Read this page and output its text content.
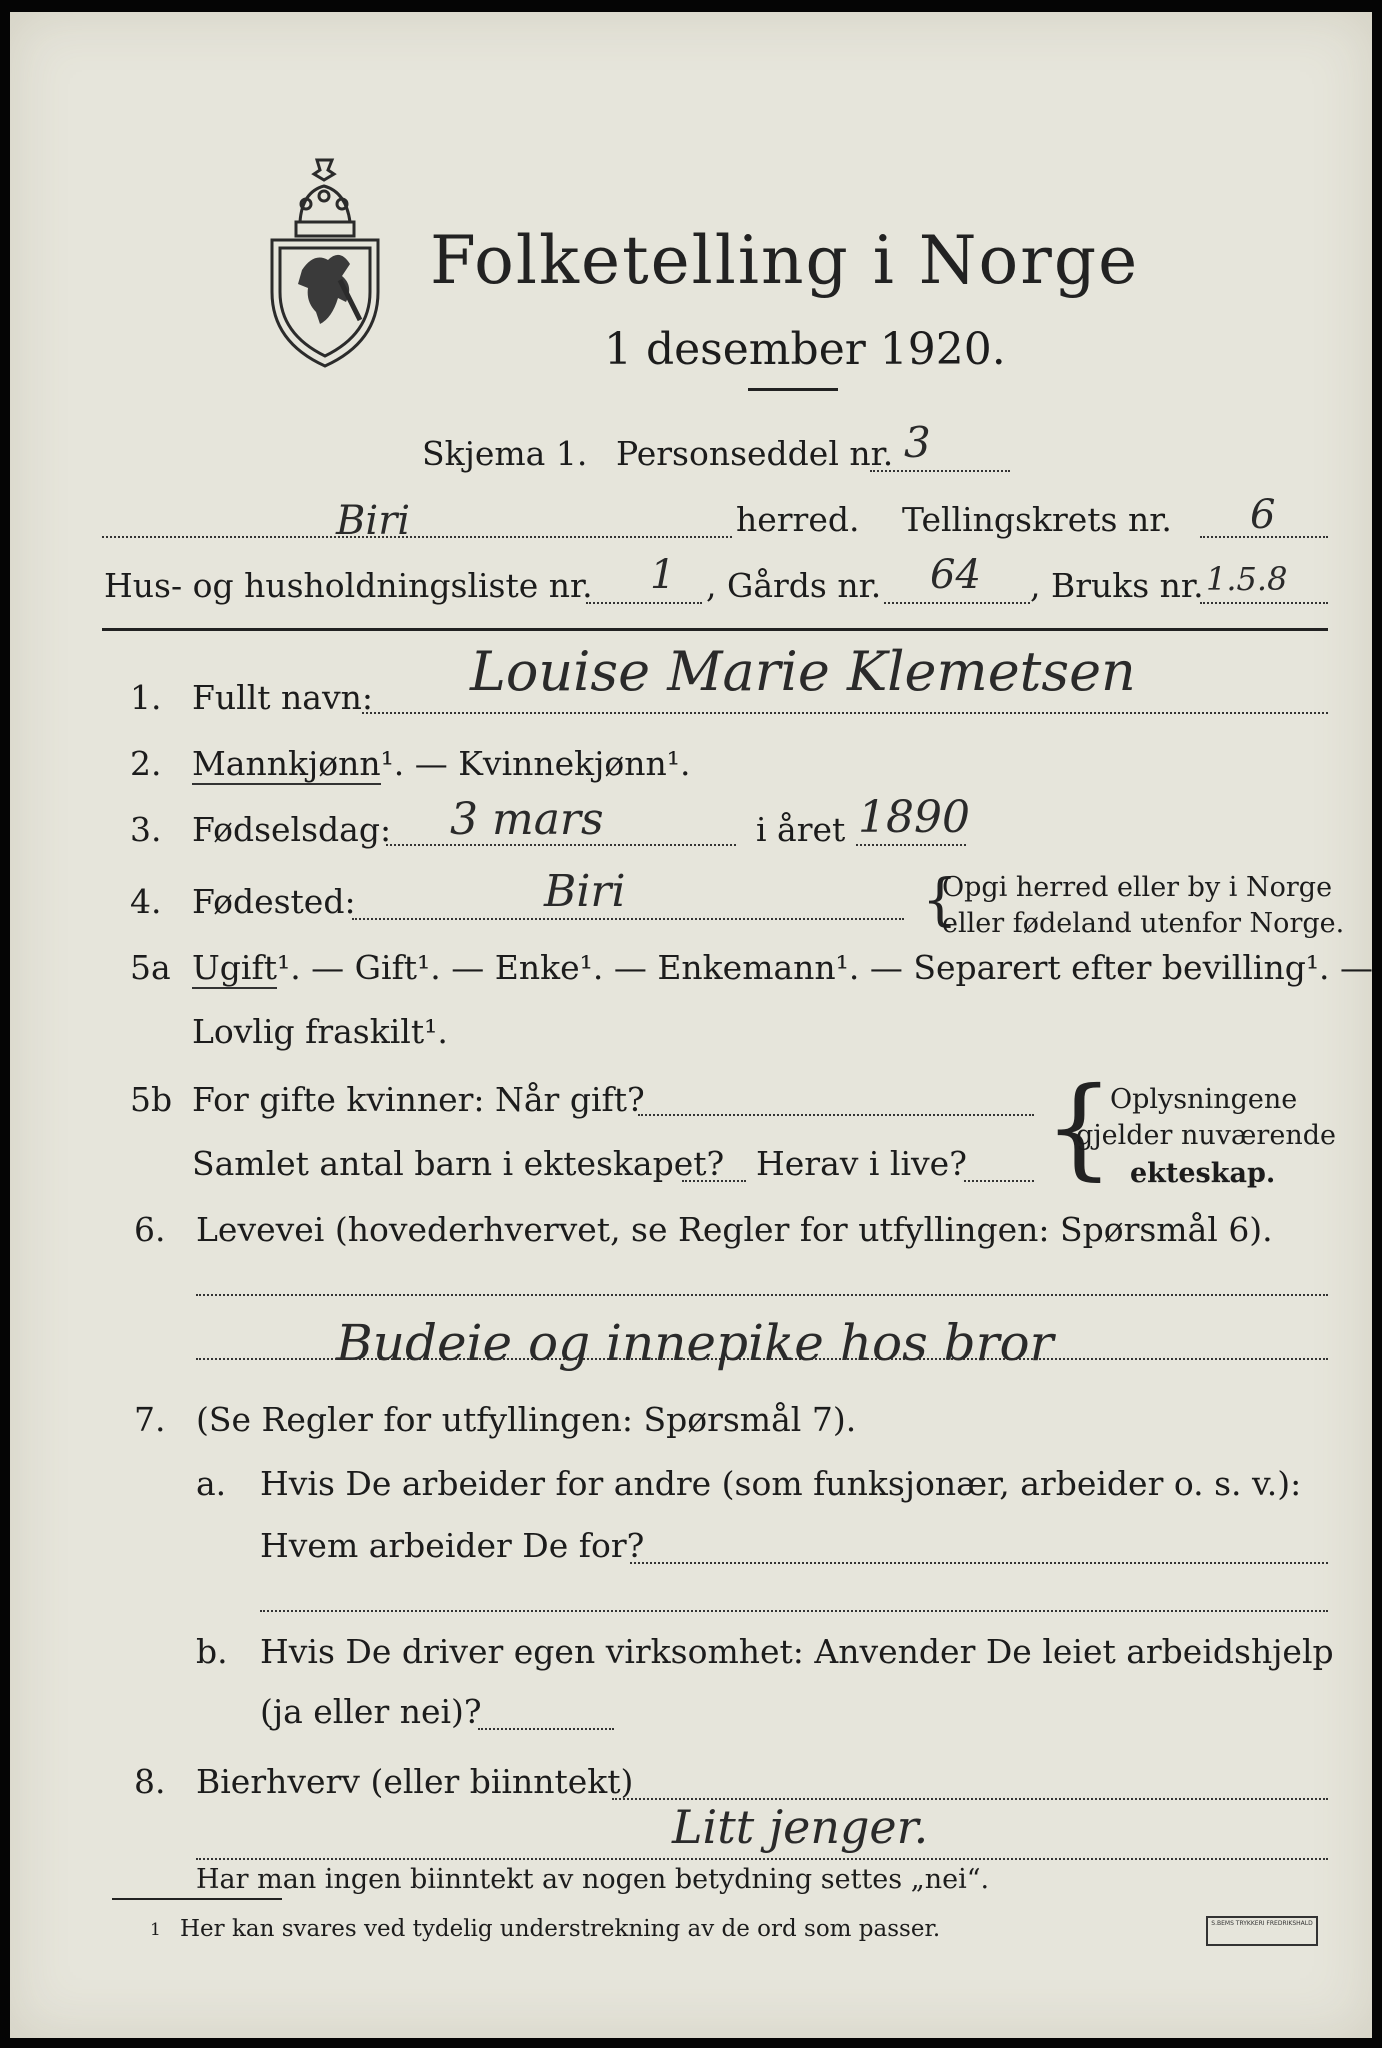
Folketelling i Norge
1 desember 1920.
Skjema 1. Personseddel nr. 3
Biri	herred. Tellingskrets nr. 6
Hus- og husholdningsliste nr. 1 , Gårds nr. 64 , Bruks nr. 1.5.8
1. Fullt navn: Louise Marie Klemetsen
2. Mannkjønn¹. — Kvinnekjønn¹.
3. Fødselsdag: 3 mars	i året 1890
4. Fødested:	Biri	{
Opgi herred eller by i Norge
eller fødeland utenfor Norge.
5a Ugift¹. — Gift¹. — Enke¹. — Enkemann¹. — Separert efter bevilling¹. —
Lovlig fraskilt¹.
5b For gifte kvinner: Når gift?
Samlet antal barn i ekteskapet? Herav i live? {
Oplysningene
gjelder nuværende
ekteskap.
6. Levevei (hovederhvervet, se Regler for utfyllingen: Spørsmål 6).
Budeie og innepike hos bror
7. (Se Regler for utfyllingen: Spørsmål 7).
a. Hvis De arbeider for andre (som funksjonær, arbeider o. s. v.):
Hvem arbeider De for?
b. Hvis De driver egen virksomhet: Anvender De leiet arbeidshjelp
(ja eller nei)?
8. Bierhverv (eller biinntekt)
Litt jenger.
Har man ingen biinntekt av nogen betydning settes „nei“.
1 Her kan svares ved tydelig understrekning av de ord som passer.	S.BEMS TRYKKERI FREDRIKSHALD
